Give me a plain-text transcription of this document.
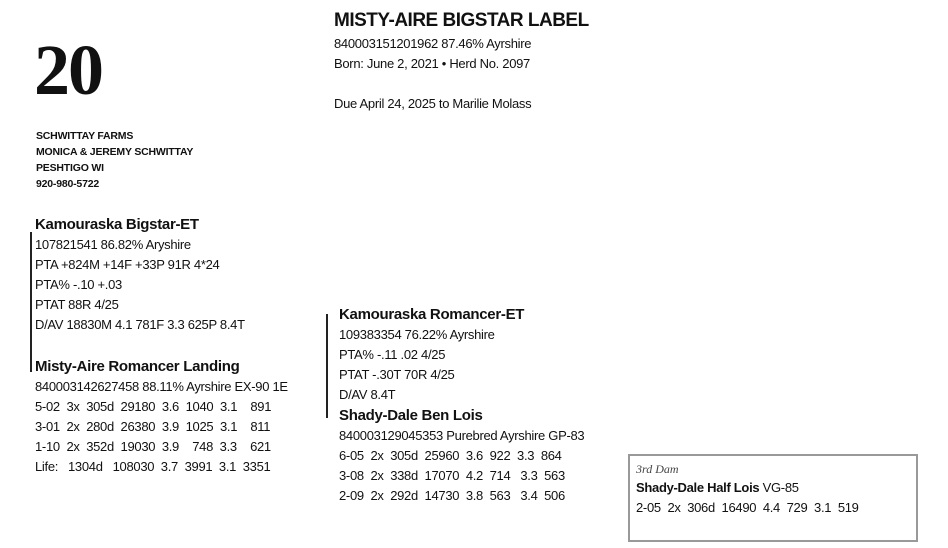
20
MISTY-AIRE BIGSTAR LABEL
840003151201962 87.46% Ayrshire
Born: June 2, 2021 • Herd No. 2097
Due April 24, 2025 to Marilie Molass
SCHWITTAY FARMS
MONICA & JEREMY SCHWITTAY
PESHTIGO WI
920-980-5722
Kamouraska Bigstar-ET
107821541 86.82% Aryshire
PTA +824M +14F +33P 91R 4*24
PTA% -.10 +.03
PTAT 88R 4/25
D/AV 18830M 4.1 781F 3.3 625P 8.4T
Misty-Aire Romancer Landing
840003142627458 88.11% Ayrshire EX-90 1E
5-02  3x  305d  29180  3.6  1040  3.1    891
3-01  2x  280d  26380  3.9  1025  3.1    811
1-10  2x  352d  19030  3.9    748  3.3    621
Life:   1304d   108030  3.7  3991  3.1  3351
Kamouraska Romancer-ET
109383354 76.22% Ayrshire
PTA% -.11 .02 4/25
PTAT -.30T 70R 4/25
D/AV 8.4T
Shady-Dale Ben Lois
840003129045353 Purebred Ayrshire GP-83
6-05  2x  305d  25960  3.6  922  3.3  864
3-08  2x  338d  17070  4.2  714   3.3  563
2-09  2x  292d  14730  3.8  563   3.4  506
3rd Dam
Shady-Dale Half Lois VG-85
2-05  2x  306d  16490  4.4  729  3.1  519
